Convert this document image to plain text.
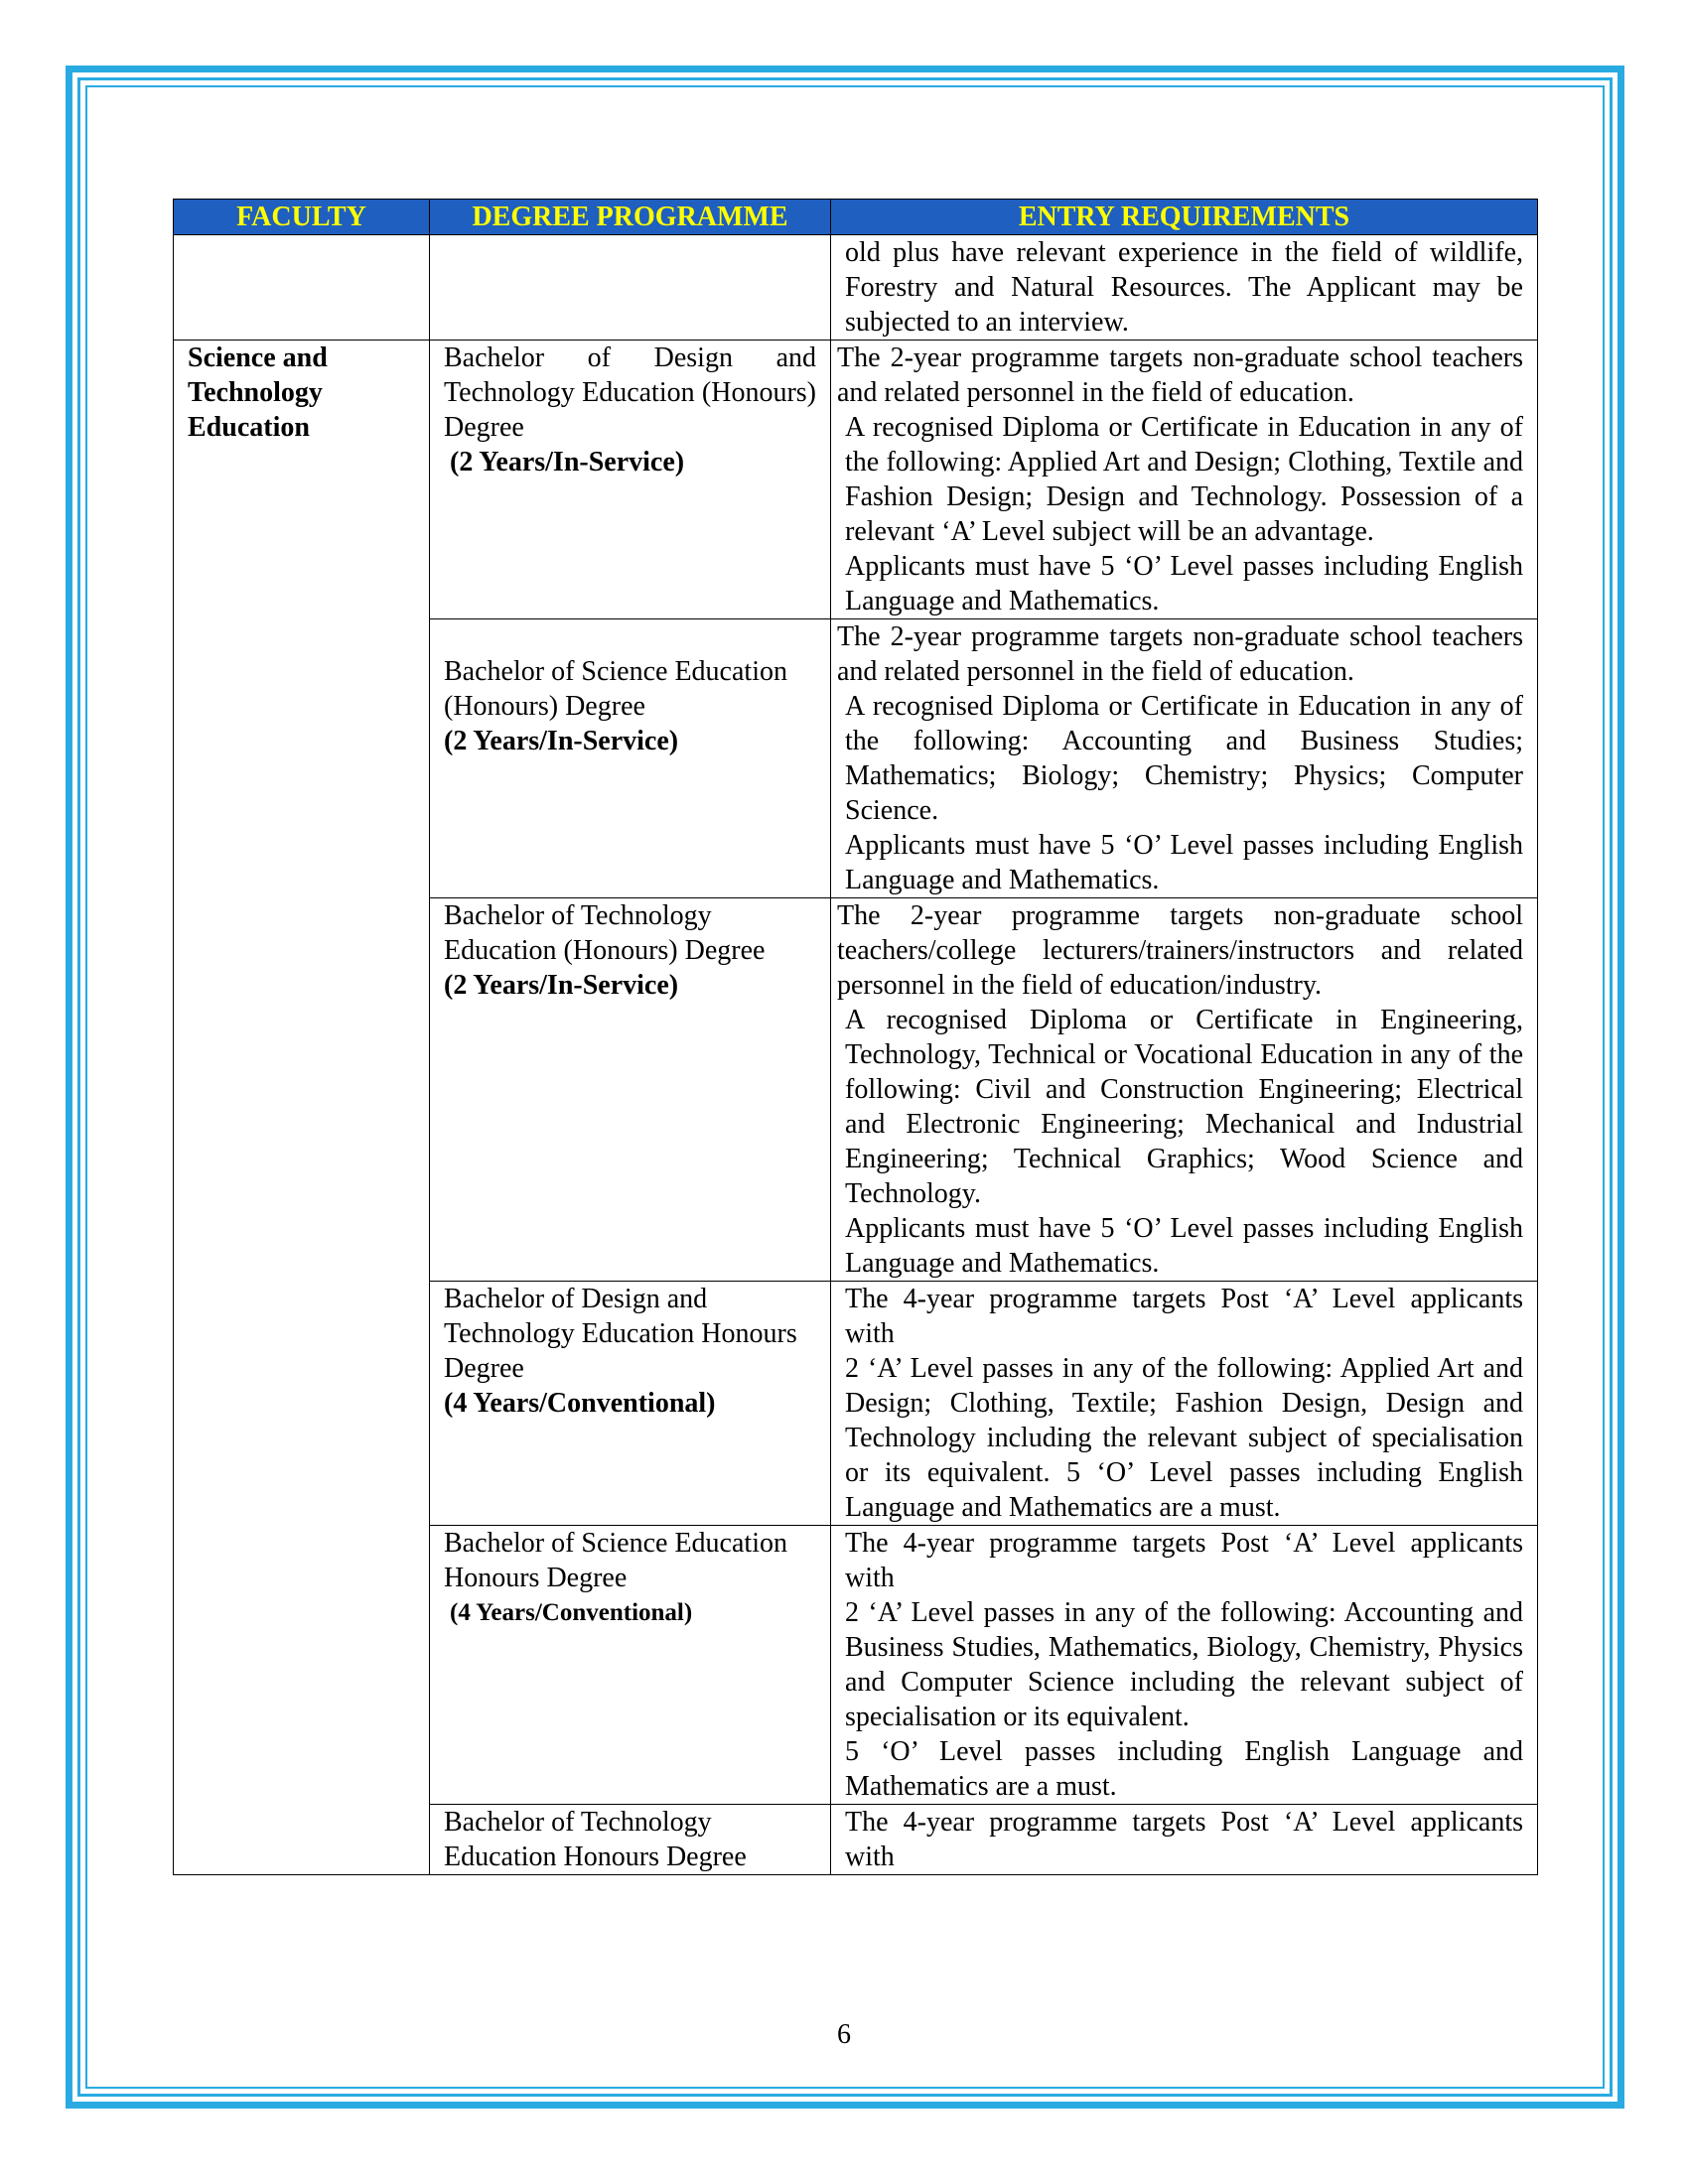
FACULTY	DEGREE PROGRAMME	ENTRY REQUIREMENTS

		old plus have relevant experience in the field of wildlife, Forestry and Natural Resources. The Applicant may be subjected to an interview.

Science and Technology Education	Bachelor of Design and Technology Education (Honours) Degree
(2 Years/In-Service)	The 2-year programme targets non-graduate school teachers and related personnel in the field of education.
A recognised Diploma or Certificate in Education in any of the following: Applied Art and Design; Clothing, Textile and Fashion Design; Design and Technology. Possession of a relevant ‘A’ Level subject will be an advantage.
Applicants must have 5 ‘O’ Level passes including English Language and Mathematics.

	Bachelor of Science Education (Honours) Degree
(2 Years/In-Service)	The 2-year programme targets non-graduate school teachers and related personnel in the field of education.
A recognised Diploma or Certificate in Education in any of the following: Accounting and Business Studies; Mathematics; Biology; Chemistry; Physics; Computer Science.
Applicants must have 5 ‘O’ Level passes including English Language and Mathematics.

	Bachelor of Technology Education (Honours) Degree
(2 Years/In-Service)	The 2-year programme targets non-graduate school teachers/college lecturers/trainers/instructors and related personnel in the field of education/industry.
A recognised Diploma or Certificate in Engineering, Technology, Technical or Vocational Education in any of the following: Civil and Construction Engineering; Electrical and Electronic Engineering; Mechanical and Industrial Engineering; Technical Graphics; Wood Science and Technology.
Applicants must have 5 ‘O’ Level passes including English Language and Mathematics.

	Bachelor of Design and Technology Education Honours Degree
(4 Years/Conventional)	The 4-year programme targets Post ‘A’ Level applicants with
2 ‘A’ Level passes in any of the following: Applied Art and Design; Clothing, Textile; Fashion Design, Design and Technology including the relevant subject of specialisation or its equivalent. 5 ‘O’ Level passes including English Language and Mathematics are a must.

	Bachelor of Science Education Honours Degree
(4 Years/Conventional)	The 4-year programme targets Post ‘A’ Level applicants with
2 ‘A’ Level passes in any of the following: Accounting and Business Studies, Mathematics, Biology, Chemistry, Physics and Computer Science including the relevant subject of specialisation or its equivalent.
5 ‘O’ Level passes including English Language and Mathematics are a must.

	Bachelor of Technology Education Honours Degree	The 4-year programme targets Post ‘A’ Level applicants with
6
